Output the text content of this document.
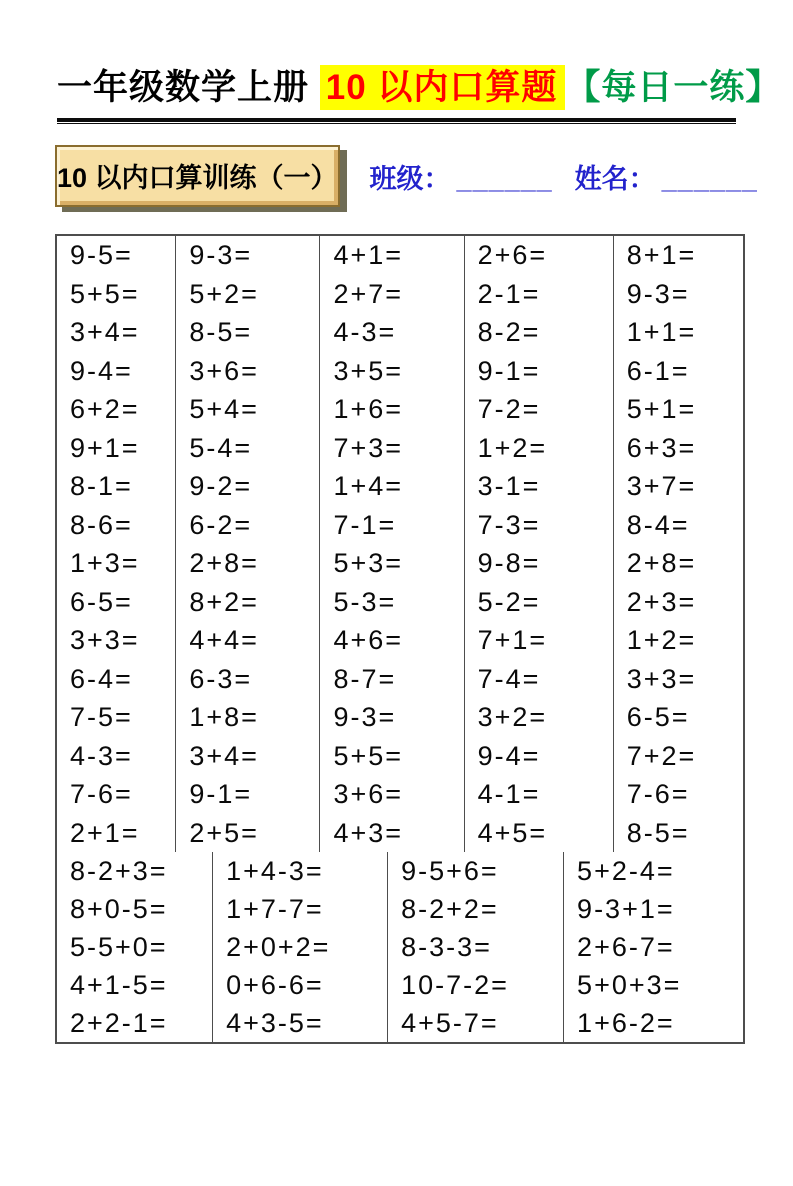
一年级数学上册 10 以内口算题 【每日一练】
10 以内口算训练（一） 班级： ______ 姓名： ______
9-5=
5+5=
3+4=
9-4=
6+2=
9+1=
8-1=
8-6=
1+3=
6-5=
3+3=
6-4=
7-5=
4-3=
7-6=
2+1=
9-3=
5+2=
8-5=
3+6=
5+4=
5-4=
9-2=
6-2=
2+8=
8+2=
4+4=
6-3=
1+8=
3+4=
9-1=
2+5=
4+1=
2+7=
4-3=
3+5=
1+6=
7+3=
1+4=
7-1=
5+3=
5-3=
4+6=
8-7=
9-3=
5+5=
3+6=
4+3=
2+6=
2-1=
8-2=
9-1=
7-2=
1+2=
3-1=
7-3=
9-8=
5-2=
7+1=
7-4=
3+2=
9-4=
4-1=
4+5=
8+1=
9-3=
1+1=
6-1=
5+1=
6+3=
3+7=
8-4=
2+8=
2+3=
1+2=
3+3=
6-5=
7+2=
7-6=
8-5=
8-2+3=
8+0-5=
5-5+0=
4+1-5=
2+2-1=
1+4-3=
1+7-7=
2+0+2=
0+6-6=
4+3-5=
9-5+6=
8-2+2=
8-3-3=
10-7-2=
4+5-7=
5+2-4=
9-3+1=
2+6-7=
5+0+3=
1+6-2=
